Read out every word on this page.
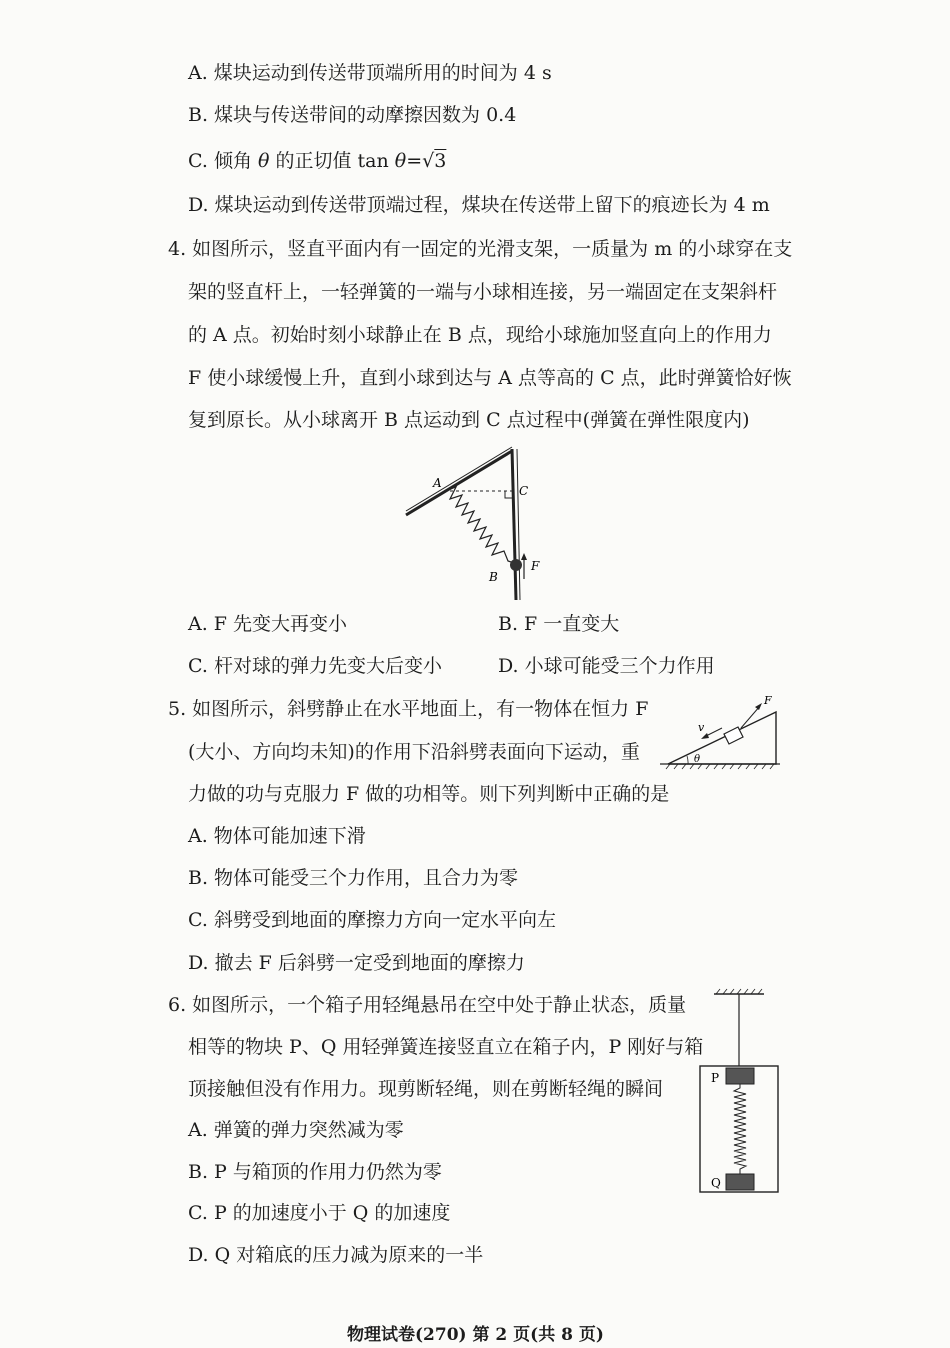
A. 煤块运动到传送带顶端所用的时间为 4 s
B. 煤块与传送带间的动摩擦因数为 0.4
C. 倾角 θ 的正切值 tan θ=√3
D. 煤块运动到传送带顶端过程，煤块在传送带上留下的痕迹长为 4 m
4. 如图所示，竖直平面内有一固定的光滑支架，一质量为 m 的小球穿在支
架的竖直杆上，一轻弹簧的一端与小球相连接，另一端固定在支架斜杆
的 A 点。初始时刻小球静止在 B 点，现给小球施加竖直向上的作用力
F 使小球缓慢上升，直到小球到达与 A 点等高的 C 点，此时弹簧恰好恢
复到原长。从小球离开 B 点运动到 C 点过程中(弹簧在弹性限度内)
A
C
B
F
A. F 先变大再变小	B. F 一直变大
C. 杆对球的弹力先变大后变小	D. 小球可能受三个力作用
5. 如图所示，斜劈静止在水平地面上，有一物体在恒力 F
(大小、方向均未知)的作用下沿斜劈表面向下运动，重
力做的功与克服力 F 做的功相等。则下列判断中正确的是
v
F
θ
A. 物体可能加速下滑
B. 物体可能受三个力作用，且合力为零
C. 斜劈受到地面的摩擦力方向一定水平向左
D. 撤去 F 后斜劈一定受到地面的摩擦力
6. 如图所示，一个箱子用轻绳悬吊在空中处于静止状态，质量
相等的物块 P、Q 用轻弹簧连接竖直立在箱子内，P 刚好与箱
顶接触但没有作用力。现剪断轻绳，则在剪断轻绳的瞬间	P
Q
A. 弹簧的弹力突然减为零
B. P 与箱顶的作用力仍然为零
C. P 的加速度小于 Q 的加速度
D. Q 对箱底的压力减为原来的一半
物理试卷(270) 第 2 页(共 8 页)
